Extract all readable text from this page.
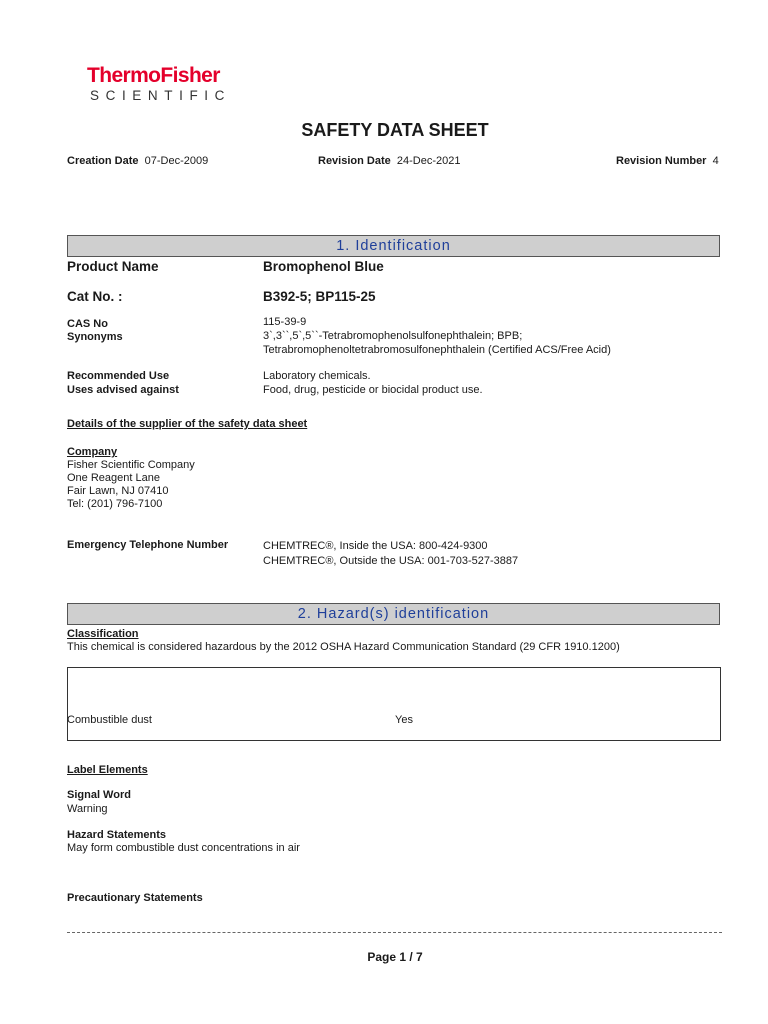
ThermoFisher
SCIENTIFIC
SAFETY DATA SHEET
Creation Date 07-Dec-2009	Revision Date 24-Dec-2021	Revision Number 4
1. Identification
Product Name	Bromophenol Blue
Cat No. :	B392-5; BP115-25
CAS No	115-39-9
Synonyms	3`,3``,5`,5``-Tetrabromophenolsulfonephthalein; BPB;
Tetrabromophenoltetrabromosulfonephthalein (Certified ACS/Free Acid)
Recommended Use	Laboratory chemicals.
Uses advised against	Food, drug, pesticide or biocidal product use.
Details of the supplier of the safety data sheet
Company
Fisher Scientific Company
One Reagent Lane
Fair Lawn, NJ 07410
Tel: (201) 796-7100
Emergency Telephone Number	CHEMTREC®, Inside the USA: 800-424-9300
CHEMTREC®, Outside the USA: 001-703-527-3887
2. Hazard(s) identification
Classification
This chemical is considered hazardous by the 2012 OSHA Hazard Communication Standard (29 CFR 1910.1200)
Combustible dust	Yes
Label Elements
Signal Word
Warning
Hazard Statements
May form combustible dust concentrations in air
Precautionary Statements
Page 1 / 7
